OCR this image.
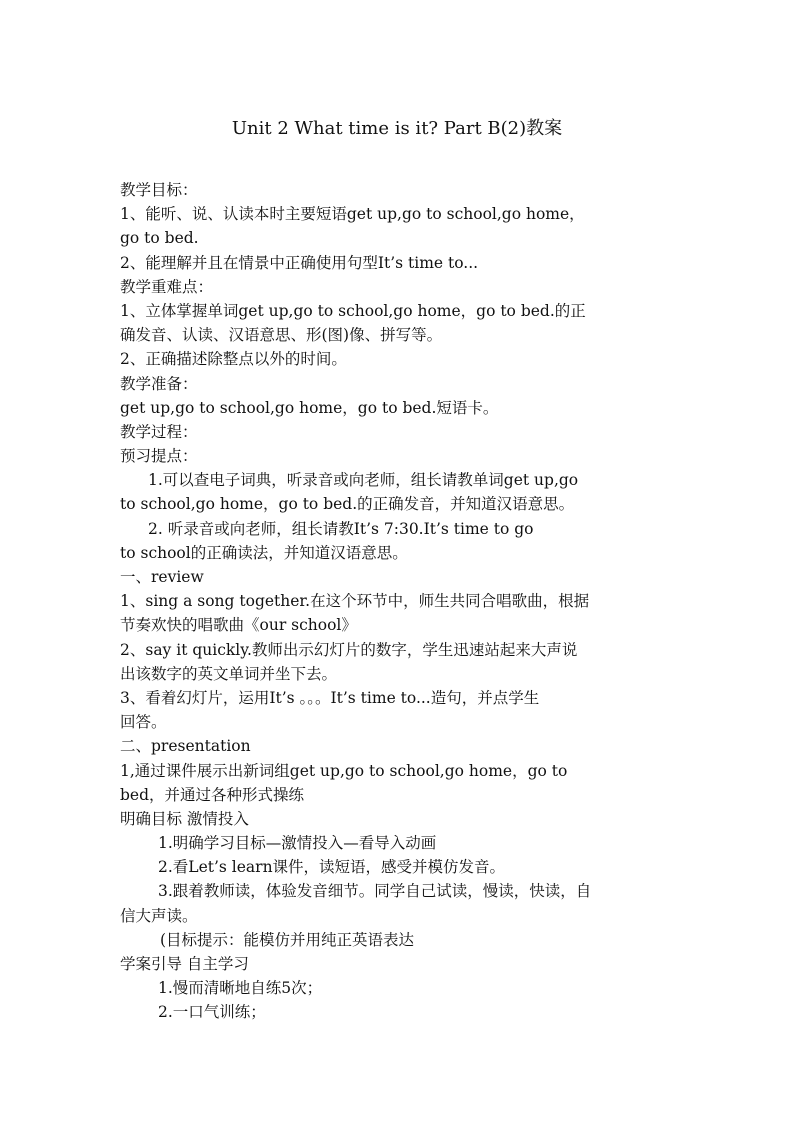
Unit 2 What time is it? Part B(2)教案
教学目标：
1、能听、说、认读本时主要短语get up,go to school,go home，
go to bed.
2、能理解并且在情景中正确使用句型It’s time to...
教学重难点：
1、立体掌握单词get up,go to school,go home，go to bed.的正
确发音、认读、汉语意思、形(图)像、拼写等。
2、正确描述除整点以外的时间。
教学准备：
get up,go to school,go home，go to bed.短语卡。
教学过程：
预习提点：
1.可以查电子词典，听录音或向老师，组长请教单词get up,go
to school,go home，go to bed.的正确发音，并知道汉语意思。
2. 听录音或向老师，组长请教It’s 7:30.It’s time to go
to school的正确读法，并知道汉语意思。
一、review
1、sing a song together.在这个环节中，师生共同合唱歌曲，根据
节奏欢快的唱歌曲《our school》
2、say it quickly.教师出示幻灯片的数字，学生迅速站起来大声说
出该数字的英文单词并坐下去。
3、看着幻灯片，运用It’s 。。。It’s time to...造句，并点学生
回答。
二、presentation
1,通过课件展示出新词组get up,go to school,go home，go to
bed，并通过各种形式操练
明确目标 激情投入
1.明确学习目标—激情投入—看导入动画
2.看Let’s learn课件，读短语，感受并模仿发音。
3.跟着教师读，体验发音细节。同学自己试读，慢读，快读，自
信大声读。
(目标提示：能模仿并用纯正英语表达
学案引导 自主学习
1.慢而清晰地自练5次；
2.一口气训练；
